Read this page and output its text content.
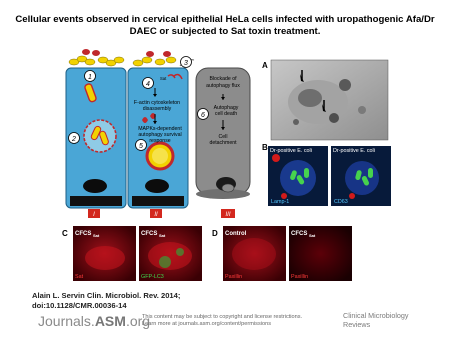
Cellular events observed in cervical epithelial HeLa cells infected with uropathogenic Afa/Dr DAEC or subjected to Sat toxin treatment.
1
2
3
4
5
6
Sat
F-actin cytoskeleton
disassembly
MAPKs-dependent
autophagy survival
response
Blockade of
autophagy flux
Autophagy
cell death
Cell
detachment
I	II	III
A
B Dr-positive E. coli	Dr-positive E. coli
Lamp-1	CD63
C CFCS Sat	CFCS Sat
Sat	GFP-LC3
D Control	CFCS Sat
Paxillin	Paxillin
Alain L. Servin Clin. Microbiol. Rev. 2014;
doi:10.1128/CMR.00036-14
Journals.ASM.org
This content may be subject to copyright and license restrictions.
Learn more at journals.asm.org/content/permissions
Clinical Microbiology
Reviews
